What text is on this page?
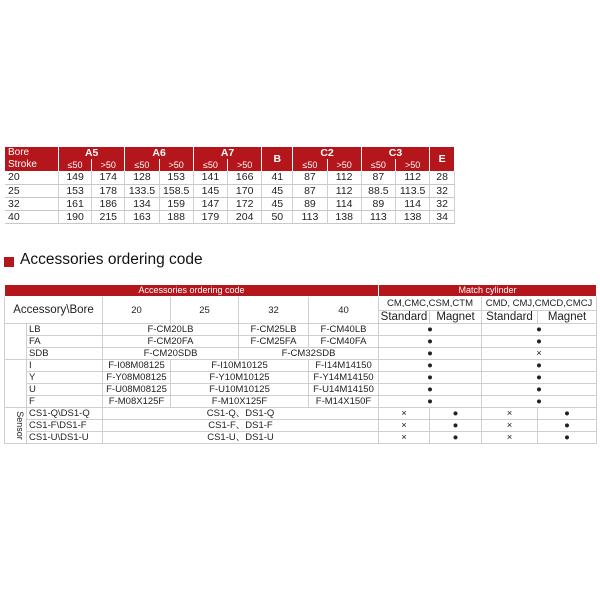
Bore	A5		A6		A7		B	C2		C3		E
Stroke	≤50	>50	≤50	>50	≤50	>50		≤50	>50	≤50	>50	
20	149	174	128	153	141	166	41	87	112	87	112	28
25	153	178	133.5	158.5	145	170	45	87	112	88.5	113.5	32
32	161	186	134	159	147	172	45	89	114	89	114	32
40	190	215	163	188	179	204	50	113	138	113	138	34
Accessories ordering code
Accessories ordering code						Match cylinder			
Accessory\Bore		20	25	32	40	CM,CMC,CSM,CTM		CMD, CMJ,CMCD,CMCJ	
						Standard	Magnet	Standard	Magnet
	LB	F-CM20LB		F-CM25LB	F-CM40LB	●		●	
	FA	F-CM20FA		F-CM25FA	F-CM40FA	●		●	
	SDB	F-CM20SDB		F-CM32SDB		●		×	
	I	F-I08M08125	F-I10M10125		F-I14M14150	●		●	
	Y	F-Y08M08125	F-Y10M10125		F-Y14M14150	●		●	
	U	F-U08M08125	F-U10M10125		F-U14M14150	●		●	
	F	F-M08X125F	F-M10X125F		F-M14X150F	●		●	
Sensor	CS1-Q\DS1-Q	CS1-Q、DS1-Q				×	●	×	●
	CS1-F\DS1-F	CS1-F、DS1-F				×	●	×	●
	CS1-U\DS1-U	CS1-U、DS1-U				×	●	×	●
